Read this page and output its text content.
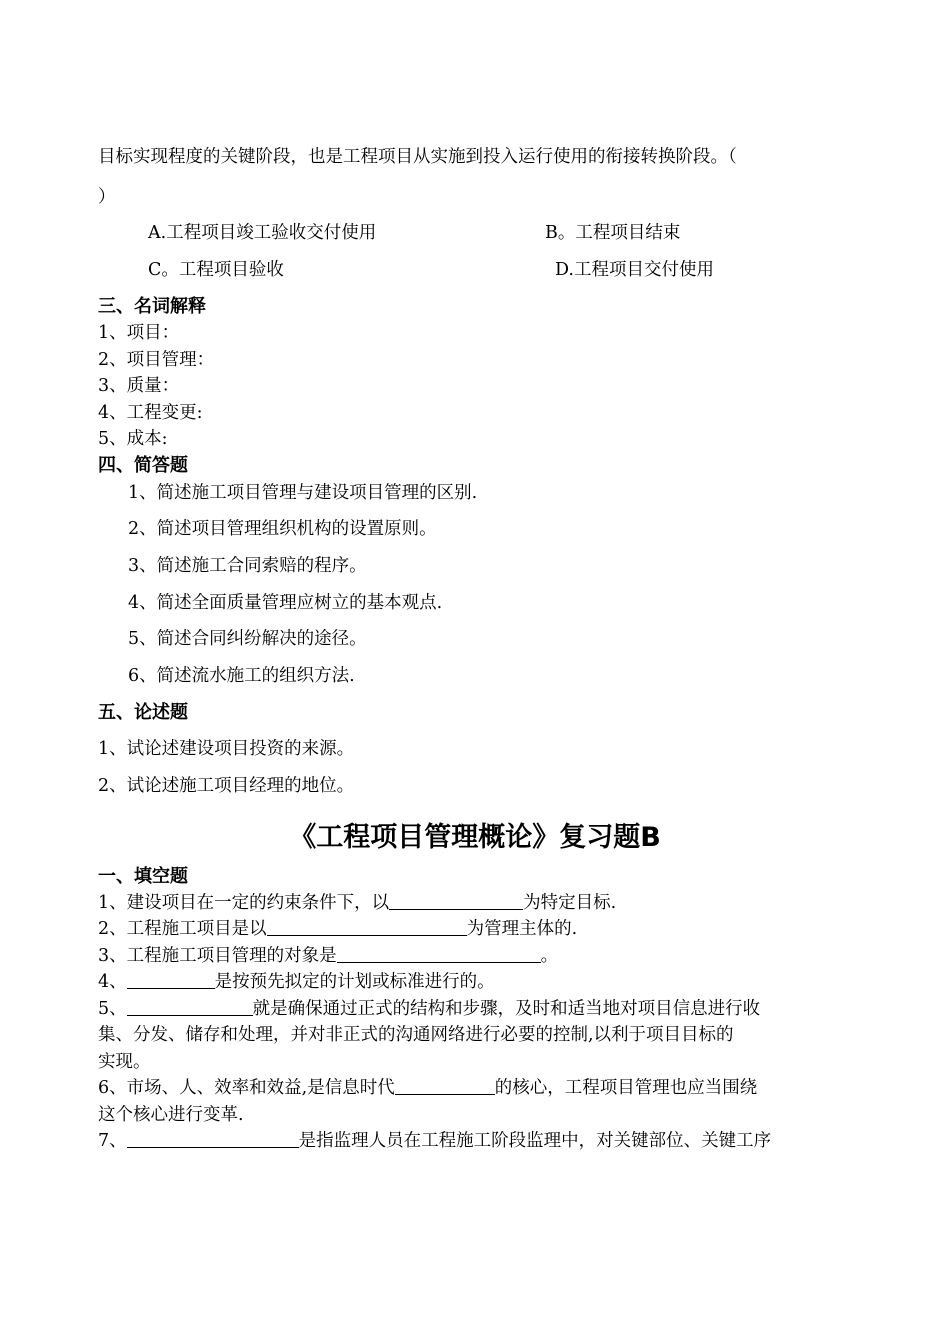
目标实现程度的关键阶段，也是工程项目从实施到投入运行使用的衔接转换阶段。（
）
A.工程项目竣工验收交付使用	B。工程项目结束
C。工程项目验收	D.工程项目交付使用
三、名词解释
1、项目：
2、项目管理：
3、质量：
4、工程变更:
5、成本:
四、简答题
1、简述施工项目管理与建设项目管理的区别.
2、简述项目管理组织机构的设置原则。
3、简述施工合同索赔的程序。
4、简述全面质量管理应树立的基本观点.
5、简述合同纠纷解决的途径。
6、简述流水施工的组织方法.
五、论述题
1、试论述建设项目投资的来源。
2、试论述施工项目经理的地位。
《工程项目管理概论》复习题B
一、填空题
1、建设项目在一定的约束条件下，以	为特定目标.
2、工程施工项目是以	为管理主体的.
3、工程施工项目管理的对象是	。
4、	是按预先拟定的计划或标准进行的。
5、	就是确保通过正式的结构和步骤，及时和适当地对项目信息进行收
集、分发、储存和处理，并对非正式的沟通网络进行必要的控制,以利于项目目标的
实现。
6、市场、人、效率和效益,是信息时代	的核心，工程项目管理也应当围绕
这个核心进行变革.
7、	是指监理人员在工程施工阶段监理中，对关键部位、关键工序
